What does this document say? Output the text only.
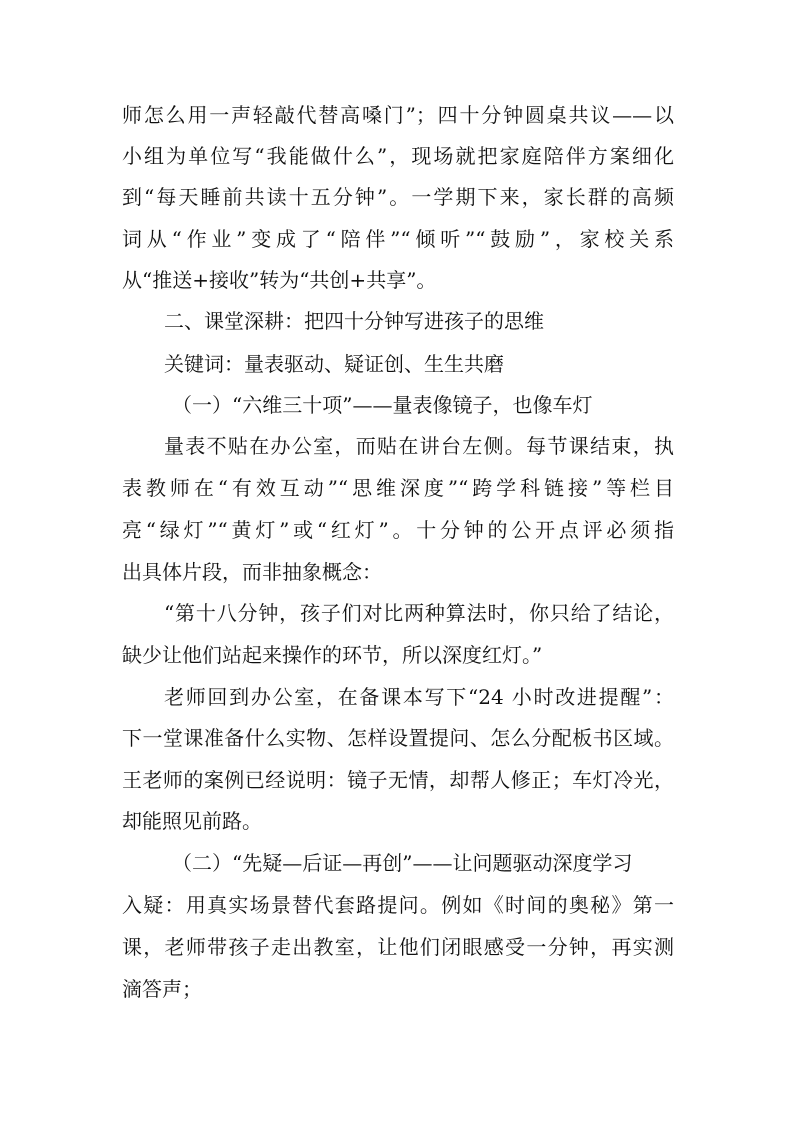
师怎么用一声轻敲代替高嗓门”；四十分钟圆桌共议——以
小组为单位写“我能做什么”，现场就把家庭陪伴方案细化
到“每天睡前共读十五分钟”。一学期下来，家长群的高频
词从“作业”变成了“陪伴”“倾听”“鼓励”，家校关系
从“推送+接收”转为“共创+共享”。
二、课堂深耕：把四十分钟写进孩子的思维
关键词：量表驱动、疑证创、生生共磨
（一）“六维三十项”——量表像镜子，也像车灯
量表不贴在办公室，而贴在讲台左侧。每节课结束，执
表教师在“有效互动”“思维深度”“跨学科链接”等栏目
亮“绿灯”“黄灯”或“红灯”。十分钟的公开点评必须指
出具体片段，而非抽象概念：
“第十八分钟，孩子们对比两种算法时，你只给了结论，
缺少让他们站起来操作的环节，所以深度红灯。”
老师回到办公室，在备课本写下“24 小时改进提醒”：
下一堂课准备什么实物、怎样设置提问、怎么分配板书区域。
王老师的案例已经说明：镜子无情，却帮人修正；车灯冷光，
却能照见前路。
（二）“先疑—后证—再创”——让问题驱动深度学习
入疑：用真实场景替代套路提问。例如《时间的奥秘》第一
课，老师带孩子走出教室，让他们闭眼感受一分钟，再实测
滴答声；
